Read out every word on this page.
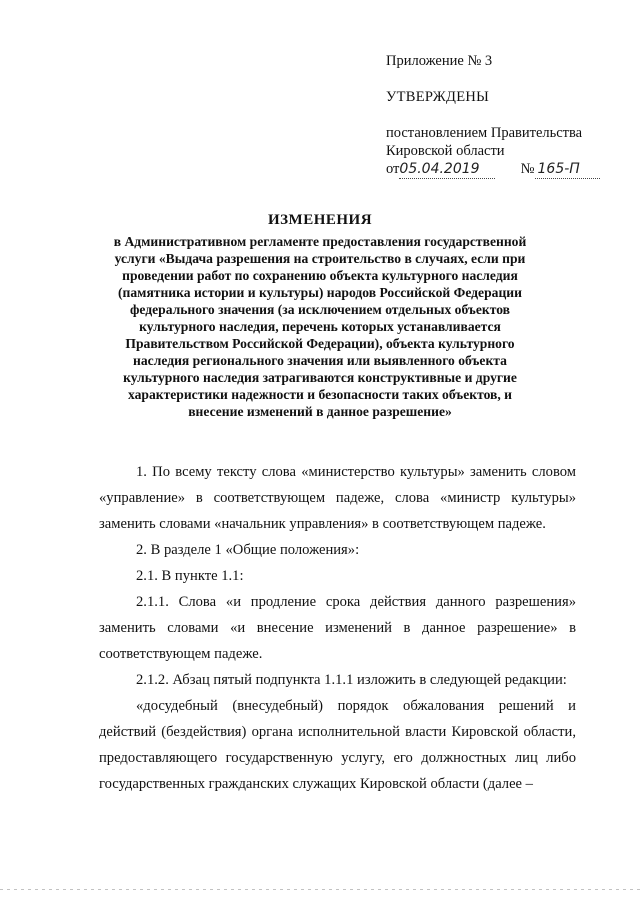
Приложение № 3
УТВЕРЖДЕНЫ
постановлением Правительства
Кировской области
от05.04.2019	№ 165-П

ИЗМЕНЕНИЯ

в Административном регламенте предоставления государственной услуги «Выдача разрешения на строительство в случаях, если при проведении работ по сохранению объекта культурного наследия (памятника истории и культуры) народов Российской Федерации федерального значения (за исключением отдельных объектов культурного наследия, перечень которых устанавливается Правительством Российской Федерации), объекта культурного наследия регионального значения или выявленного объекта культурного наследия затрагиваются конструктивные и другие характеристики надежности и безопасности таких объектов, и внесение изменений в данное разрешение»

1. По всему тексту слова «министерство культуры» заменить словом «управление» в соответствующем падеже, слова «министр культуры» заменить словами «начальник управления» в соответствующем падеже.

2. В разделе 1 «Общие положения»:

2.1. В пункте 1.1:

2.1.1. Слова «и продление срока действия данного разрешения» заменить словами «и внесение изменений в данное разрешение» в соответствующем падеже.

2.1.2. Абзац пятый подпункта 1.1.1 изложить в следующей редакции:

«досудебный (внесудебный) порядок обжалования решений и действий (бездействия) органа исполнительной власти Кировской области, предоставляющего государственную услугу, его должностных лиц либо государственных гражданских служащих Кировской области (далее –
